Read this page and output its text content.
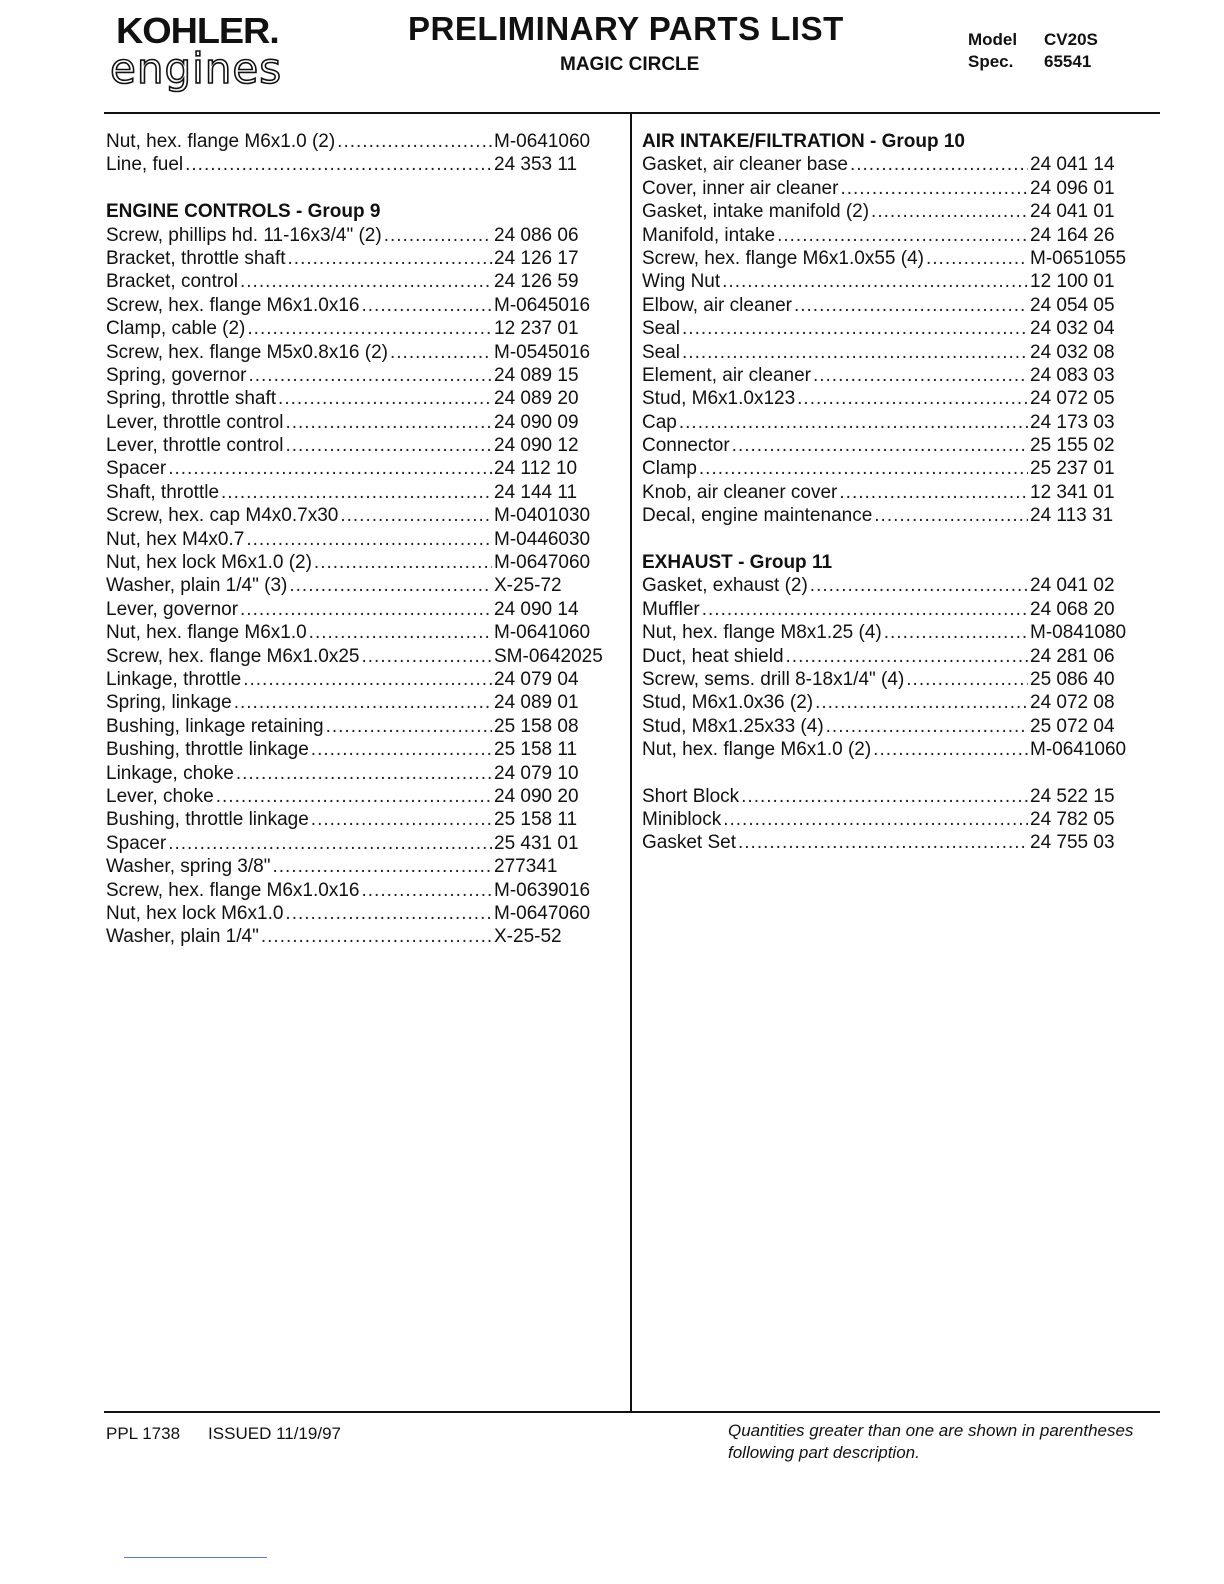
KOHLER.
engines
PRELIMINARY PARTS LIST
MAGIC CIRCLE
Model CV20S
Spec. 65541
Nut, hex. flange M6x1.0 (2) .....	M-0641060
Line, fuel .....	24 353 11
ENGINE CONTROLS - Group 9
Screw, phillips hd. 11-16x3/4" (2) .....	24 086 06
Bracket, throttle shaft .....	24 126 17
Bracket, control .....	24 126 59
Screw, hex. flange M6x1.0x16 .....	M-0645016
Clamp, cable (2) .....	12 237 01
Screw, hex. flange M5x0.8x16 (2) .....	M-0545016
Spring, governor .....	24 089 15
Spring, throttle shaft .....	24 089 20
Lever, throttle control .....	24 090 09
Lever, throttle control .....	24 090 12
Spacer .....	24 112 10
Shaft, throttle .....	24 144 11
Screw, hex. cap M4x0.7x30 .....	M-0401030
Nut, hex M4x0.7 .....	M-0446030
Nut, hex lock M6x1.0 (2) .....	M-0647060
Washer, plain 1/4" (3) .....	X-25-72
Lever, governor .....	24 090 14
Nut, hex. flange M6x1.0 .....	M-0641060
Screw, hex. flange M6x1.0x25 .....	SM-0642025
Linkage, throttle .....	24 079 04
Spring, linkage .....	24 089 01
Bushing, linkage retaining .....	25 158 08
Bushing, throttle linkage .....	25 158 11
Linkage, choke .....	24 079 10
Lever, choke .....	24 090 20
Bushing, throttle linkage .....	25 158 11
Spacer .....	25 431 01
Washer, spring 3/8" .....	277341
Screw, hex. flange M6x1.0x16 .....	M-0639016
Nut, hex lock M6x1.0 .....	M-0647060
Washer, plain 1/4" .....	X-25-52
AIR INTAKE/FILTRATION - Group 10
Gasket, air cleaner base .....	24 041 14
Cover, inner air cleaner .....	24 096 01
Gasket, intake manifold (2) .....	24 041 01
Manifold, intake .....	24 164 26
Screw, hex. flange M6x1.0x55 (4) .....	M-0651055
Wing Nut .....	12 100 01
Elbow, air cleaner .....	24 054 05
Seal .....	24 032 04
Seal .....	24 032 08
Element, air cleaner .....	24 083 03
Stud, M6x1.0x123 .....	24 072 05
Cap .....	24 173 03
Connector .....	25 155 02
Clamp .....	25 237 01
Knob, air cleaner cover .....	12 341 01
Decal, engine maintenance .....	24 113 31
EXHAUST - Group 11
Gasket, exhaust (2) .....	24 041 02
Muffler .....	24 068 20
Nut, hex. flange M8x1.25 (4) .....	M-0841080
Duct, heat shield .....	24 281 06
Screw, sems. drill 8-18x1/4" (4) .....	25 086 40
Stud, M6x1.0x36 (2) .....	24 072 08
Stud, M8x1.25x33 (4) .....	25 072 04
Nut, hex. flange M6x1.0 (2) .....	M-0641060
Short Block .....	24 522 15
Miniblock .....	24 782 05
Gasket Set .....	24 755 03
PPL 1738 ISSUED 11/19/97	Quantities greater than one are shown in parentheses following part description.
